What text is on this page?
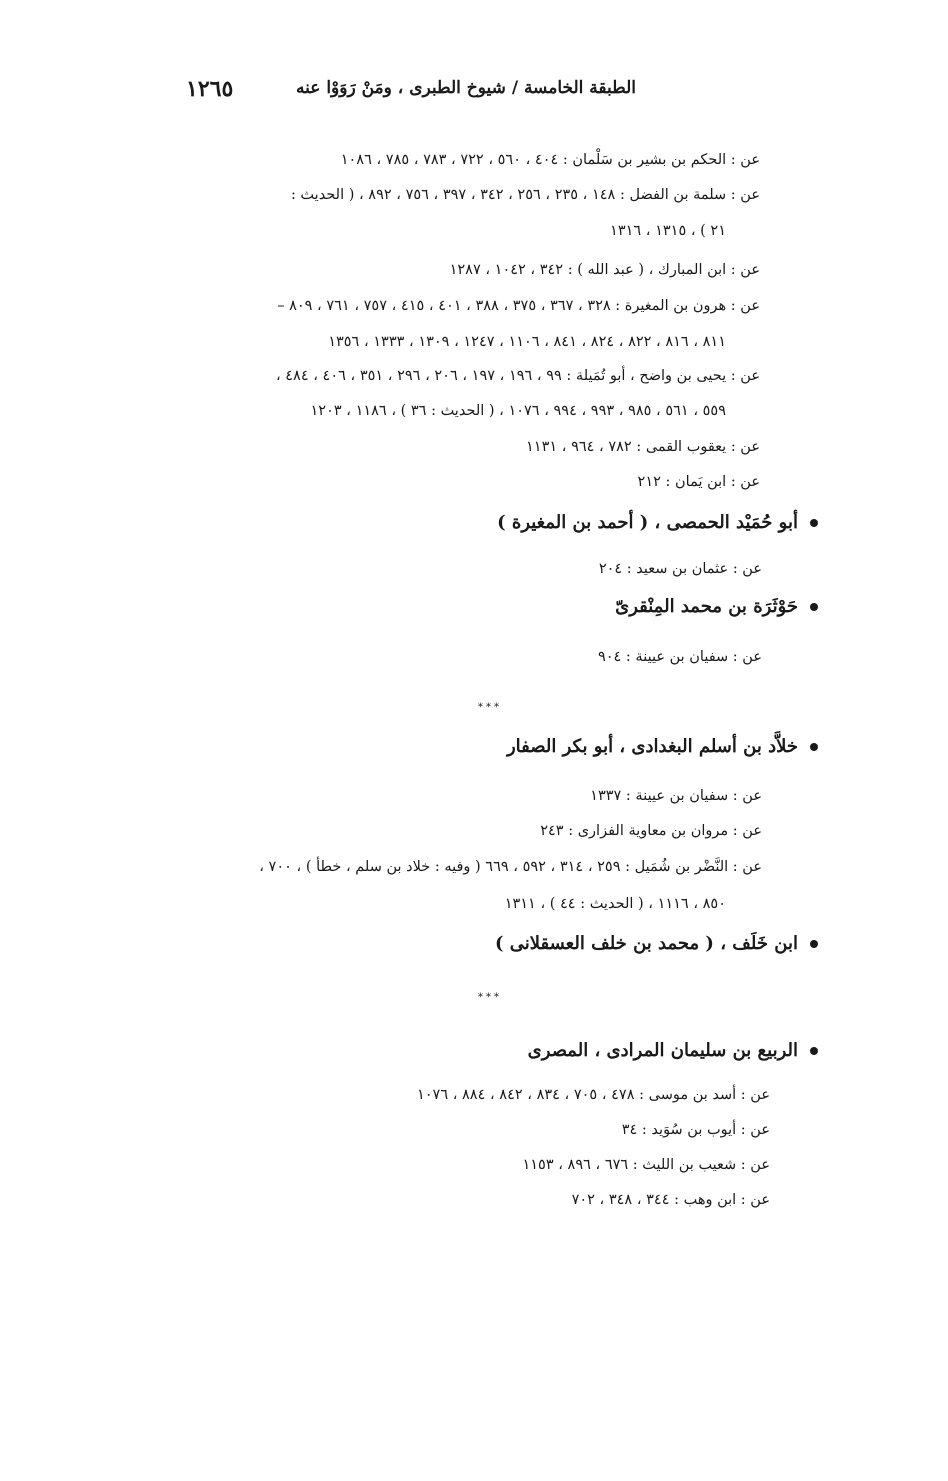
١٢٦٥	الطبقة الخامسة / شيوخ الطبرى ، ومَنْ رَوَوْا عنه
عن : الحكم بن بشير بن سَلْمان : ٤٠٤ ، ٥٦٠ ، ٧٢٢ ، ٧٨٣ ، ٧٨٥ ، ١٠٨٦
عن : سلمة بن الفضل : ١٤٨ ، ٢٣٥ ، ٢٥٦ ، ٣٤٢ ، ٣٩٧ ، ٧٥٦ ، ٨٩٢ ، ( الحديث :
٢١ ) ، ١٣١٥ ، ١٣١٦
عن : ابن المبارك ، ( عبد الله ) : ٣٤٢ ، ١٠٤٢ ، ١٢٨٧
عن : هرون بن المغيرة : ٣٢٨ ، ٣٦٧ ، ٣٧٥ ، ٣٨٨ ، ٤٠١ ، ٤١٥ ، ٧٥٧ ، ٧٦١ ، ٨٠٩ –
٨١١ ، ٨١٦ ، ٨٢٢ ، ٨٢٤ ، ٨٤١ ، ١١٠٦ ، ١٢٤٧ ، ١٣٠٩ ، ١٣٣٣ ، ١٣٥٦
عن : يحيى بن واضح ، أبو تُمَيلة : ٩٩ ، ١٩٦ ، ١٩٧ ، ٢٠٦ ، ٢٩٦ ، ٣٥١ ، ٤٠٦ ، ٤٨٤ ،
٥٥٩ ، ٥٦١ ، ٩٨٥ ، ٩٩٣ ، ٩٩٤ ، ١٠٧٦ ، ( الحديث : ٣٦ ) ، ١١٨٦ ، ١٢٠٣
عن : يعقوب القمى : ٧٨٢ ، ٩٦٤ ، ١١٣١
عن : ابن يَمان : ٢١٢
أبو حُمَيْد الحمصى ، ( أحمد بن المغيرة )
عن : عثمان بن سعيد : ٢٠٤
حَوْثَرَة بن محمد المِنْقرىّ
عن : سفيان بن عيينة : ٩٠٤
***
خلاَّد بن أسلم البغدادى ، أبو بكر الصفار
عن : سفيان بن عيينة : ١٣٣٧
عن : مروان بن معاوية الفزارى : ٢٤٣
عن : النَّضْر بن شُمَيل : ٢٥٩ ، ٣١٤ ، ٥٩٢ ، ٦٦٩ ( وفيه : خلاد بن سلم ، خطأ ) ، ٧٠٠ ،
٨٥٠ ، ١١١٦ ، ( الحديث : ٤٤ ) ، ١٣١١
ابن خَلَف ، ( محمد بن خلف العسقلانى )
***
الربيع بن سليمان المرادى ، المصرى
عن : أسد بن موسى : ٤٧٨ ، ٧٠٥ ، ٨٣٤ ، ٨٤٢ ، ٨٨٤ ، ١٠٧٦
عن : أيوب بن سُوَيد : ٣٤
عن : شعيب بن الليث : ٦٧٦ ، ٨٩٦ ، ١١٥٣
عن : ابن وهب : ٣٤٤ ، ٣٤٨ ، ٧٠٢
